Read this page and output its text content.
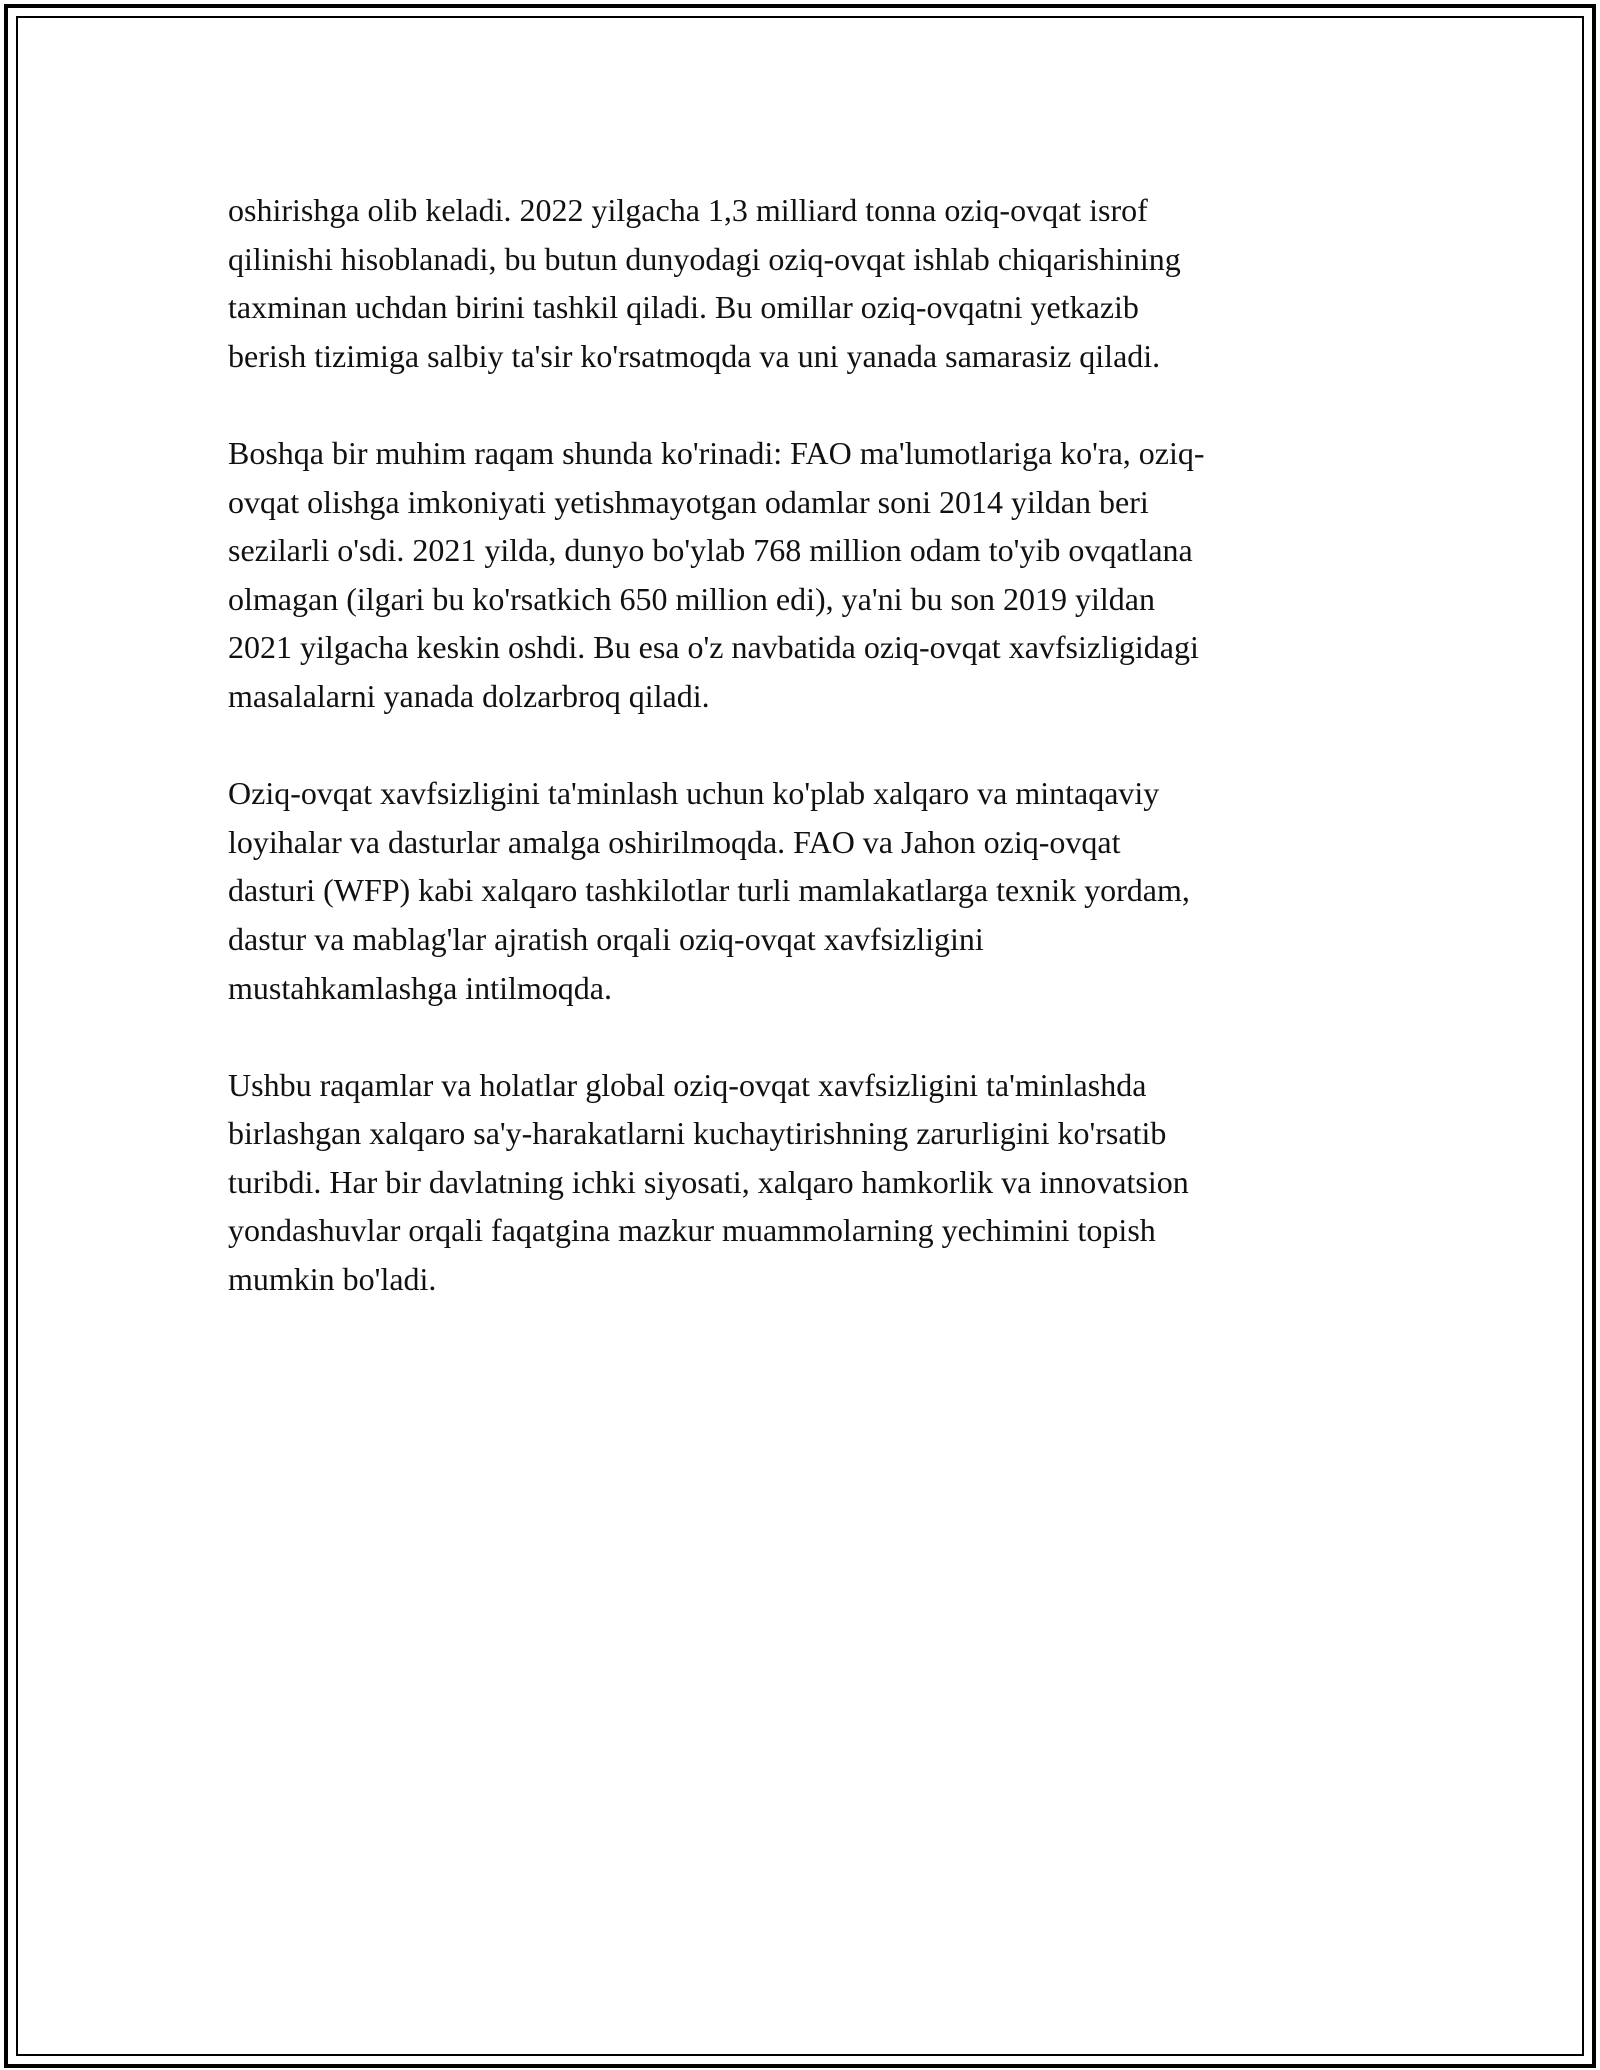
oshirishga olib keladi. 2022 yilgacha 1,3 milliard tonna oziq-ovqat isrof
qilinishi hisoblanadi, bu butun dunyodagi oziq-ovqat ishlab chiqarishining
taxminan uchdan birini tashkil qiladi. Bu omillar oziq-ovqatni yetkazib
berish tizimiga salbiy ta'sir ko'rsatmoqda va uni yanada samarasiz qiladi.

Boshqa bir muhim raqam shunda ko'rinadi: FAO ma'lumotlariga ko'ra, oziq-
ovqat olishga imkoniyati yetishmayotgan odamlar soni 2014 yildan beri
sezilarli o'sdi. 2021 yilda, dunyo bo'ylab 768 million odam to'yib ovqatlana
olmagan (ilgari bu ko'rsatkich 650 million edi), ya'ni bu son 2019 yildan
2021 yilgacha keskin oshdi. Bu esa o'z navbatida oziq-ovqat xavfsizligidagi
masalalarni yanada dolzarbroq qiladi.

Oziq-ovqat xavfsizligini ta'minlash uchun ko'plab xalqaro va mintaqaviy
loyihalar va dasturlar amalga oshirilmoqda. FAO va Jahon oziq-ovqat
dasturi (WFP) kabi xalqaro tashkilotlar turli mamlakatlarga texnik yordam,
dastur va mablag'lar ajratish orqali oziq-ovqat xavfsizligini
mustahkamlashga intilmoqda.

Ushbu raqamlar va holatlar global oziq-ovqat xavfsizligini ta'minlashda
birlashgan xalqaro sa'y-harakatlarni kuchaytirishning zarurligini ko'rsatib
turibdi. Har bir davlatning ichki siyosati, xalqaro hamkorlik va innovatsion
yondashuvlar orqali faqatgina mazkur muammolarning yechimini topish
mumkin bo'ladi.
